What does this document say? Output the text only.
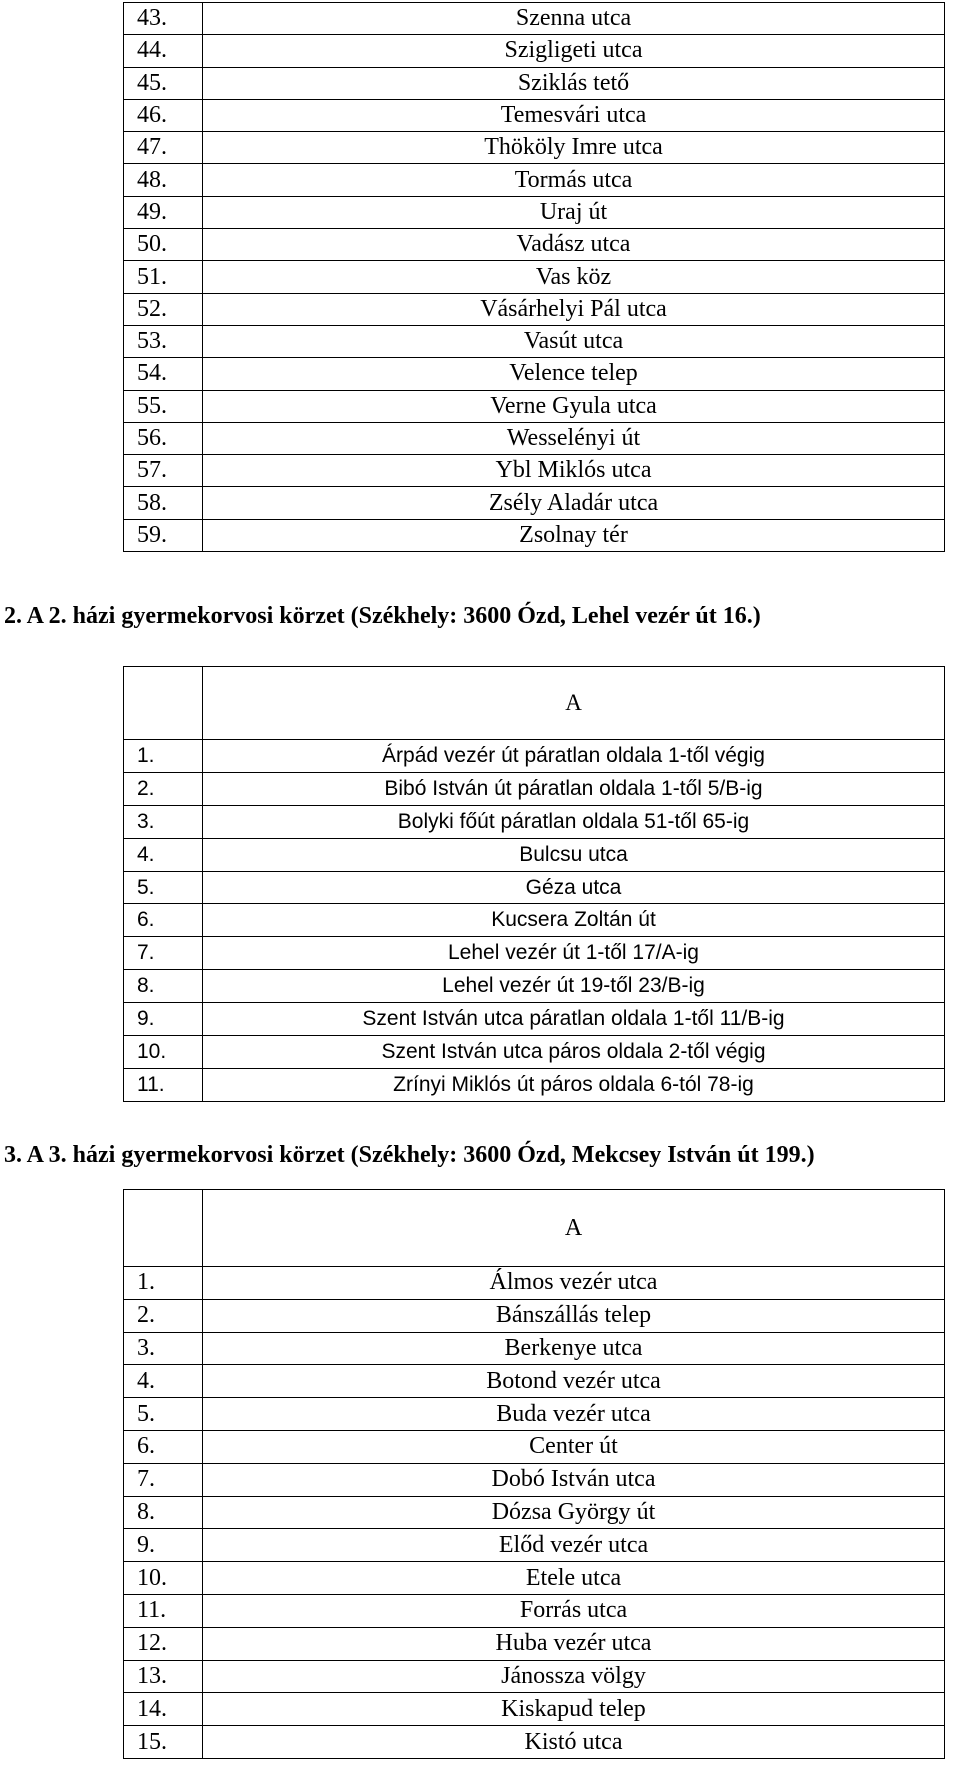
43.	Szenna utca
44.	Szigligeti utca
45.	Sziklás tető
46.	Temesvári utca
47.	Thököly Imre utca
48.	Tormás utca
49.	Uraj út
50.	Vadász utca
51.	Vas köz
52.	Vásárhelyi Pál utca
53.	Vasút utca
54.	Velence telep
55.	Verne Gyula utca
56.	Wesselényi út
57.	Ybl Miklós utca
58.	Zsély Aladár utca
59.	Zsolnay tér
2. A 2. házi gyermekorvosi körzet (Székhely: 3600 Ózd, Lehel vezér út 16.)
	A
1.	Árpád vezér út páratlan oldala 1-től végig
2.	Bibó István út páratlan oldala 1-től 5/B-ig
3.	Bolyki főút páratlan oldala 51-től 65-ig
4.	Bulcsu utca
5.	Géza utca
6.	Kucsera Zoltán út
7.	Lehel vezér út 1-től 17/A-ig
8.	Lehel vezér út 19-től 23/B-ig
9.	Szent István utca páratlan oldala 1-től 11/B-ig
10.	Szent István utca páros oldala 2-től végig
11.	Zrínyi Miklós út páros oldala 6-tól 78-ig
3. A 3. házi gyermekorvosi körzet (Székhely: 3600 Ózd, Mekcsey István út 199.)
	A
1.	Álmos vezér utca
2.	Bánszállás telep
3.	Berkenye utca
4.	Botond vezér utca
5.	Buda vezér utca
6.	Center út
7.	Dobó István utca
8.	Dózsa György út
9.	Előd vezér utca
10.	Etele utca
11.	Forrás utca
12.	Huba vezér utca
13.	Jánossza völgy
14.	Kiskapud telep
15.	Kistó utca
